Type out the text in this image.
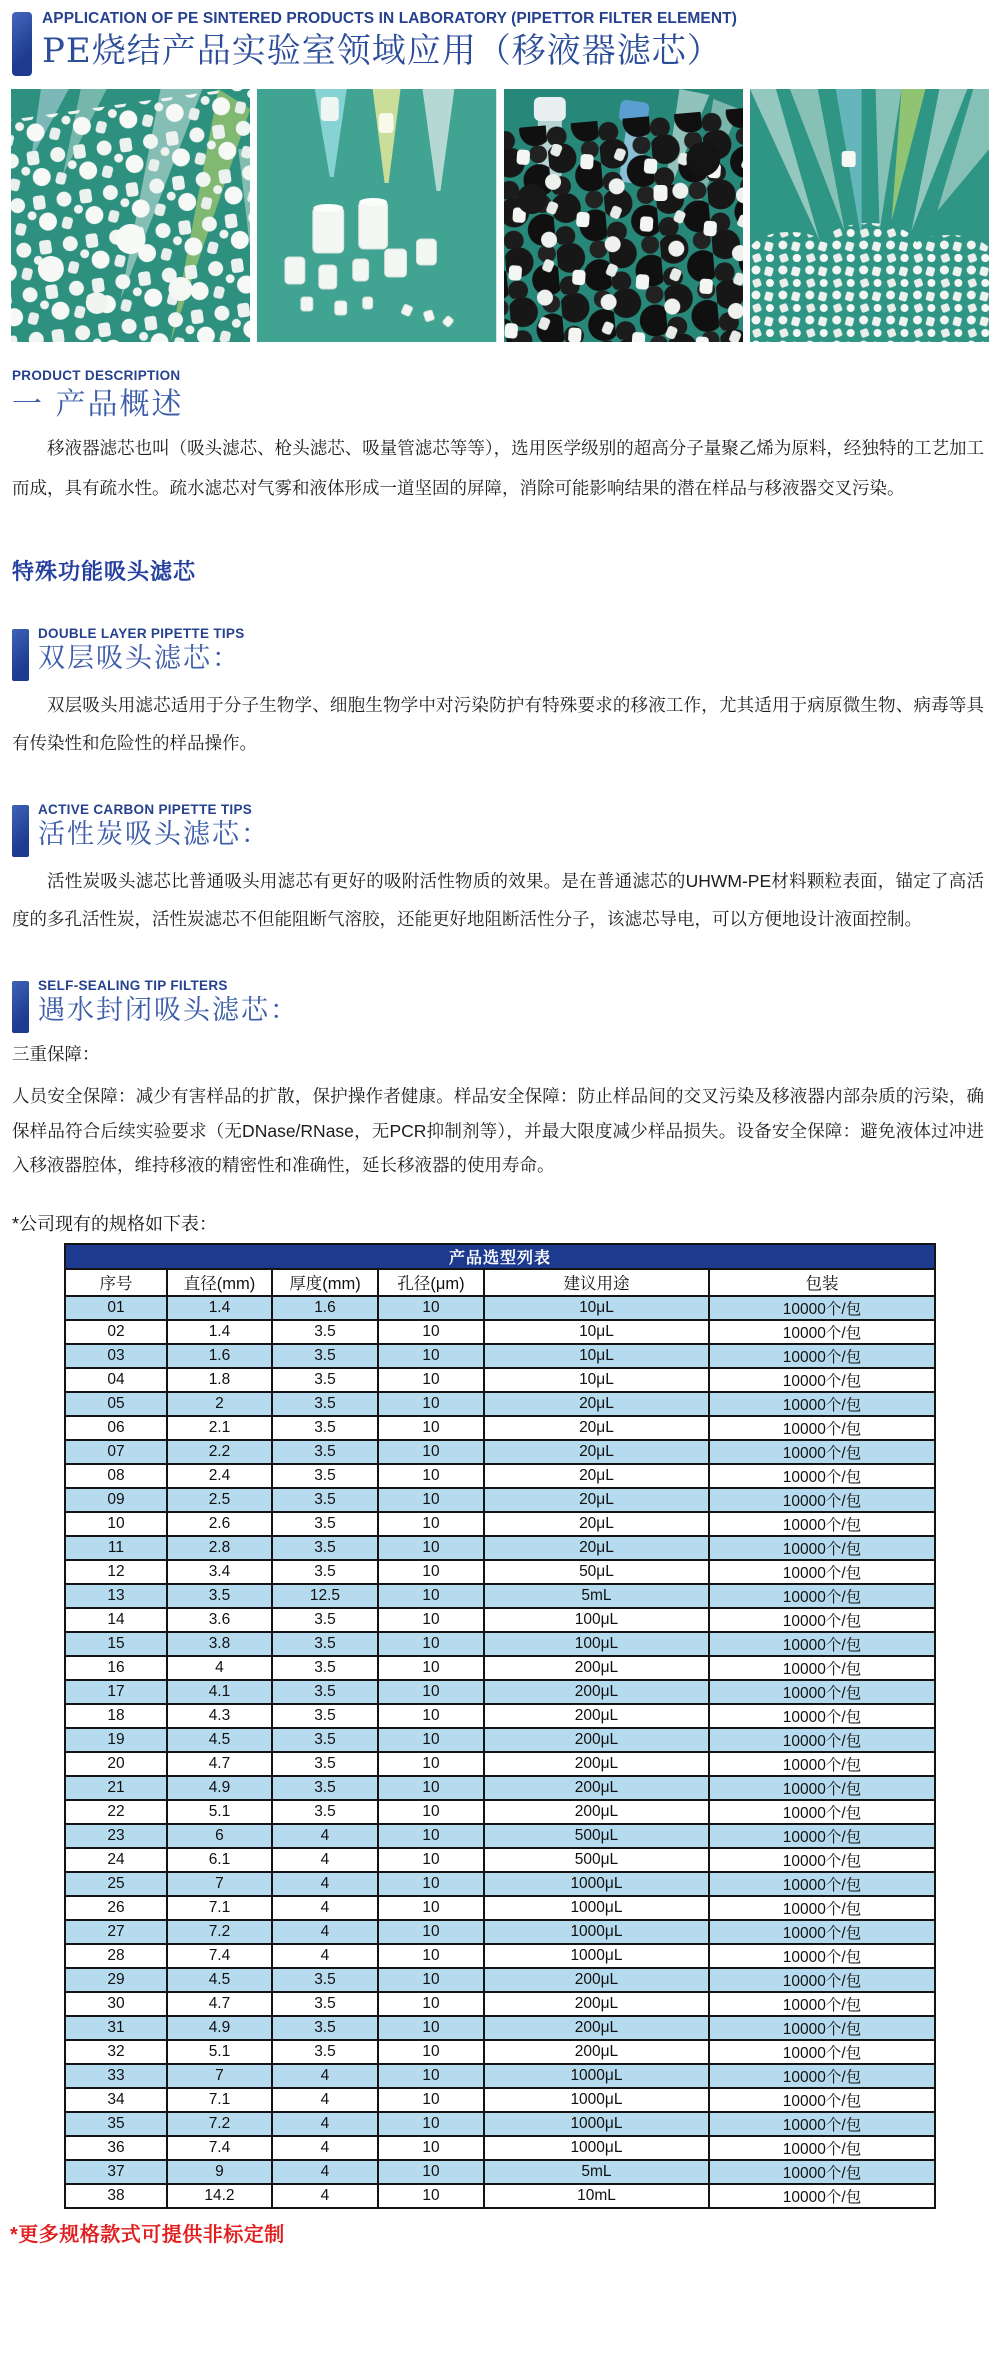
APPLICATION OF PE SINTERED PRODUCTS IN LABORATORY (PIPETTOR FILTER ELEMENT)
PE烧结产品实验室领域应用（移液器滤芯）
PRODUCT DESCRIPTION
一 产品概述

移液器滤芯也叫（吸头滤芯、枪头滤芯、吸量管滤芯等等），选用医学级别的超高分子量聚乙烯为原料，经独特的工艺加工而成，具有疏水性。疏水滤芯对气雾和液体形成一道坚固的屏障，消除可能影响结果的潜在样品与移液器交叉污染。

特殊功能吸头滤芯
DOUBLE LAYER PIPETTE TIPS
双层吸头滤芯：

双层吸头用滤芯适用于分子生物学、细胞生物学中对污染防护有特殊要求的移液工作，尤其适用于病原微生物、病毒等具有传染性和危险性的样品操作。

ACTIVE CARBON PIPETTE TIPS
活性炭吸头滤芯：

活性炭吸头滤芯比普通吸头用滤芯有更好的吸附活性物质的效果。是在普通滤芯的UHWM-PE材料颗粒表面，锚定了高活度的多孔活性炭，活性炭滤芯不但能阻断气溶胶，还能更好地阻断活性分子，该滤芯导电，可以方便地设计液面控制。

SELF-SEALING TIP FILTERS
遇水封闭吸头滤芯：
三重保障：

人员安全保障：减少有害样品的扩散，保护操作者健康。样品安全保障：防止样品间的交叉污染及移液器内部杂质的污染，确保样品符合后续实验要求（无DNase/RNase，无PCR抑制剂等），并最大限度减少样品损失。设备安全保障：避免液体过冲进入移液器腔体，维持移液的精密性和准确性，延长移液器的使用寿命。

*公司现有的规格如下表：

产品选型列表					
序号	直径(mm)	厚度(mm)	孔径(μm)	建议用途	包装
01	1.4	1.6	10	10μL	10000个/包
02	1.4	3.5	10	10μL	10000个/包
03	1.6	3.5	10	10μL	10000个/包
04	1.8	3.5	10	10μL	10000个/包
05	2	3.5	10	20μL	10000个/包
06	2.1	3.5	10	20μL	10000个/包
07	2.2	3.5	10	20μL	10000个/包
08	2.4	3.5	10	20μL	10000个/包
09	2.5	3.5	10	20μL	10000个/包
10	2.6	3.5	10	20μL	10000个/包
11	2.8	3.5	10	20μL	10000个/包
12	3.4	3.5	10	50μL	10000个/包
13	3.5	12.5	10	5mL	10000个/包
14	3.6	3.5	10	100μL	10000个/包
15	3.8	3.5	10	100μL	10000个/包
16	4	3.5	10	200μL	10000个/包
17	4.1	3.5	10	200μL	10000个/包
18	4.3	3.5	10	200μL	10000个/包
19	4.5	3.5	10	200μL	10000个/包
20	4.7	3.5	10	200μL	10000个/包
21	4.9	3.5	10	200μL	10000个/包
22	5.1	3.5	10	200μL	10000个/包
23	6	4	10	500μL	10000个/包
24	6.1	4	10	500μL	10000个/包
25	7	4	10	1000μL	10000个/包
26	7.1	4	10	1000μL	10000个/包
27	7.2	4	10	1000μL	10000个/包
28	7.4	4	10	1000μL	10000个/包
29	4.5	3.5	10	200μL	10000个/包
30	4.7	3.5	10	200μL	10000个/包
31	4.9	3.5	10	200μL	10000个/包
32	5.1	3.5	10	200μL	10000个/包
33	7	4	10	1000μL	10000个/包
34	7.1	4	10	1000μL	10000个/包
35	7.2	4	10	1000μL	10000个/包
36	7.4	4	10	1000μL	10000个/包
37	9	4	10	5mL	10000个/包
38	14.2	4	10	10mL	10000个/包

*更多规格款式可提供非标定制
